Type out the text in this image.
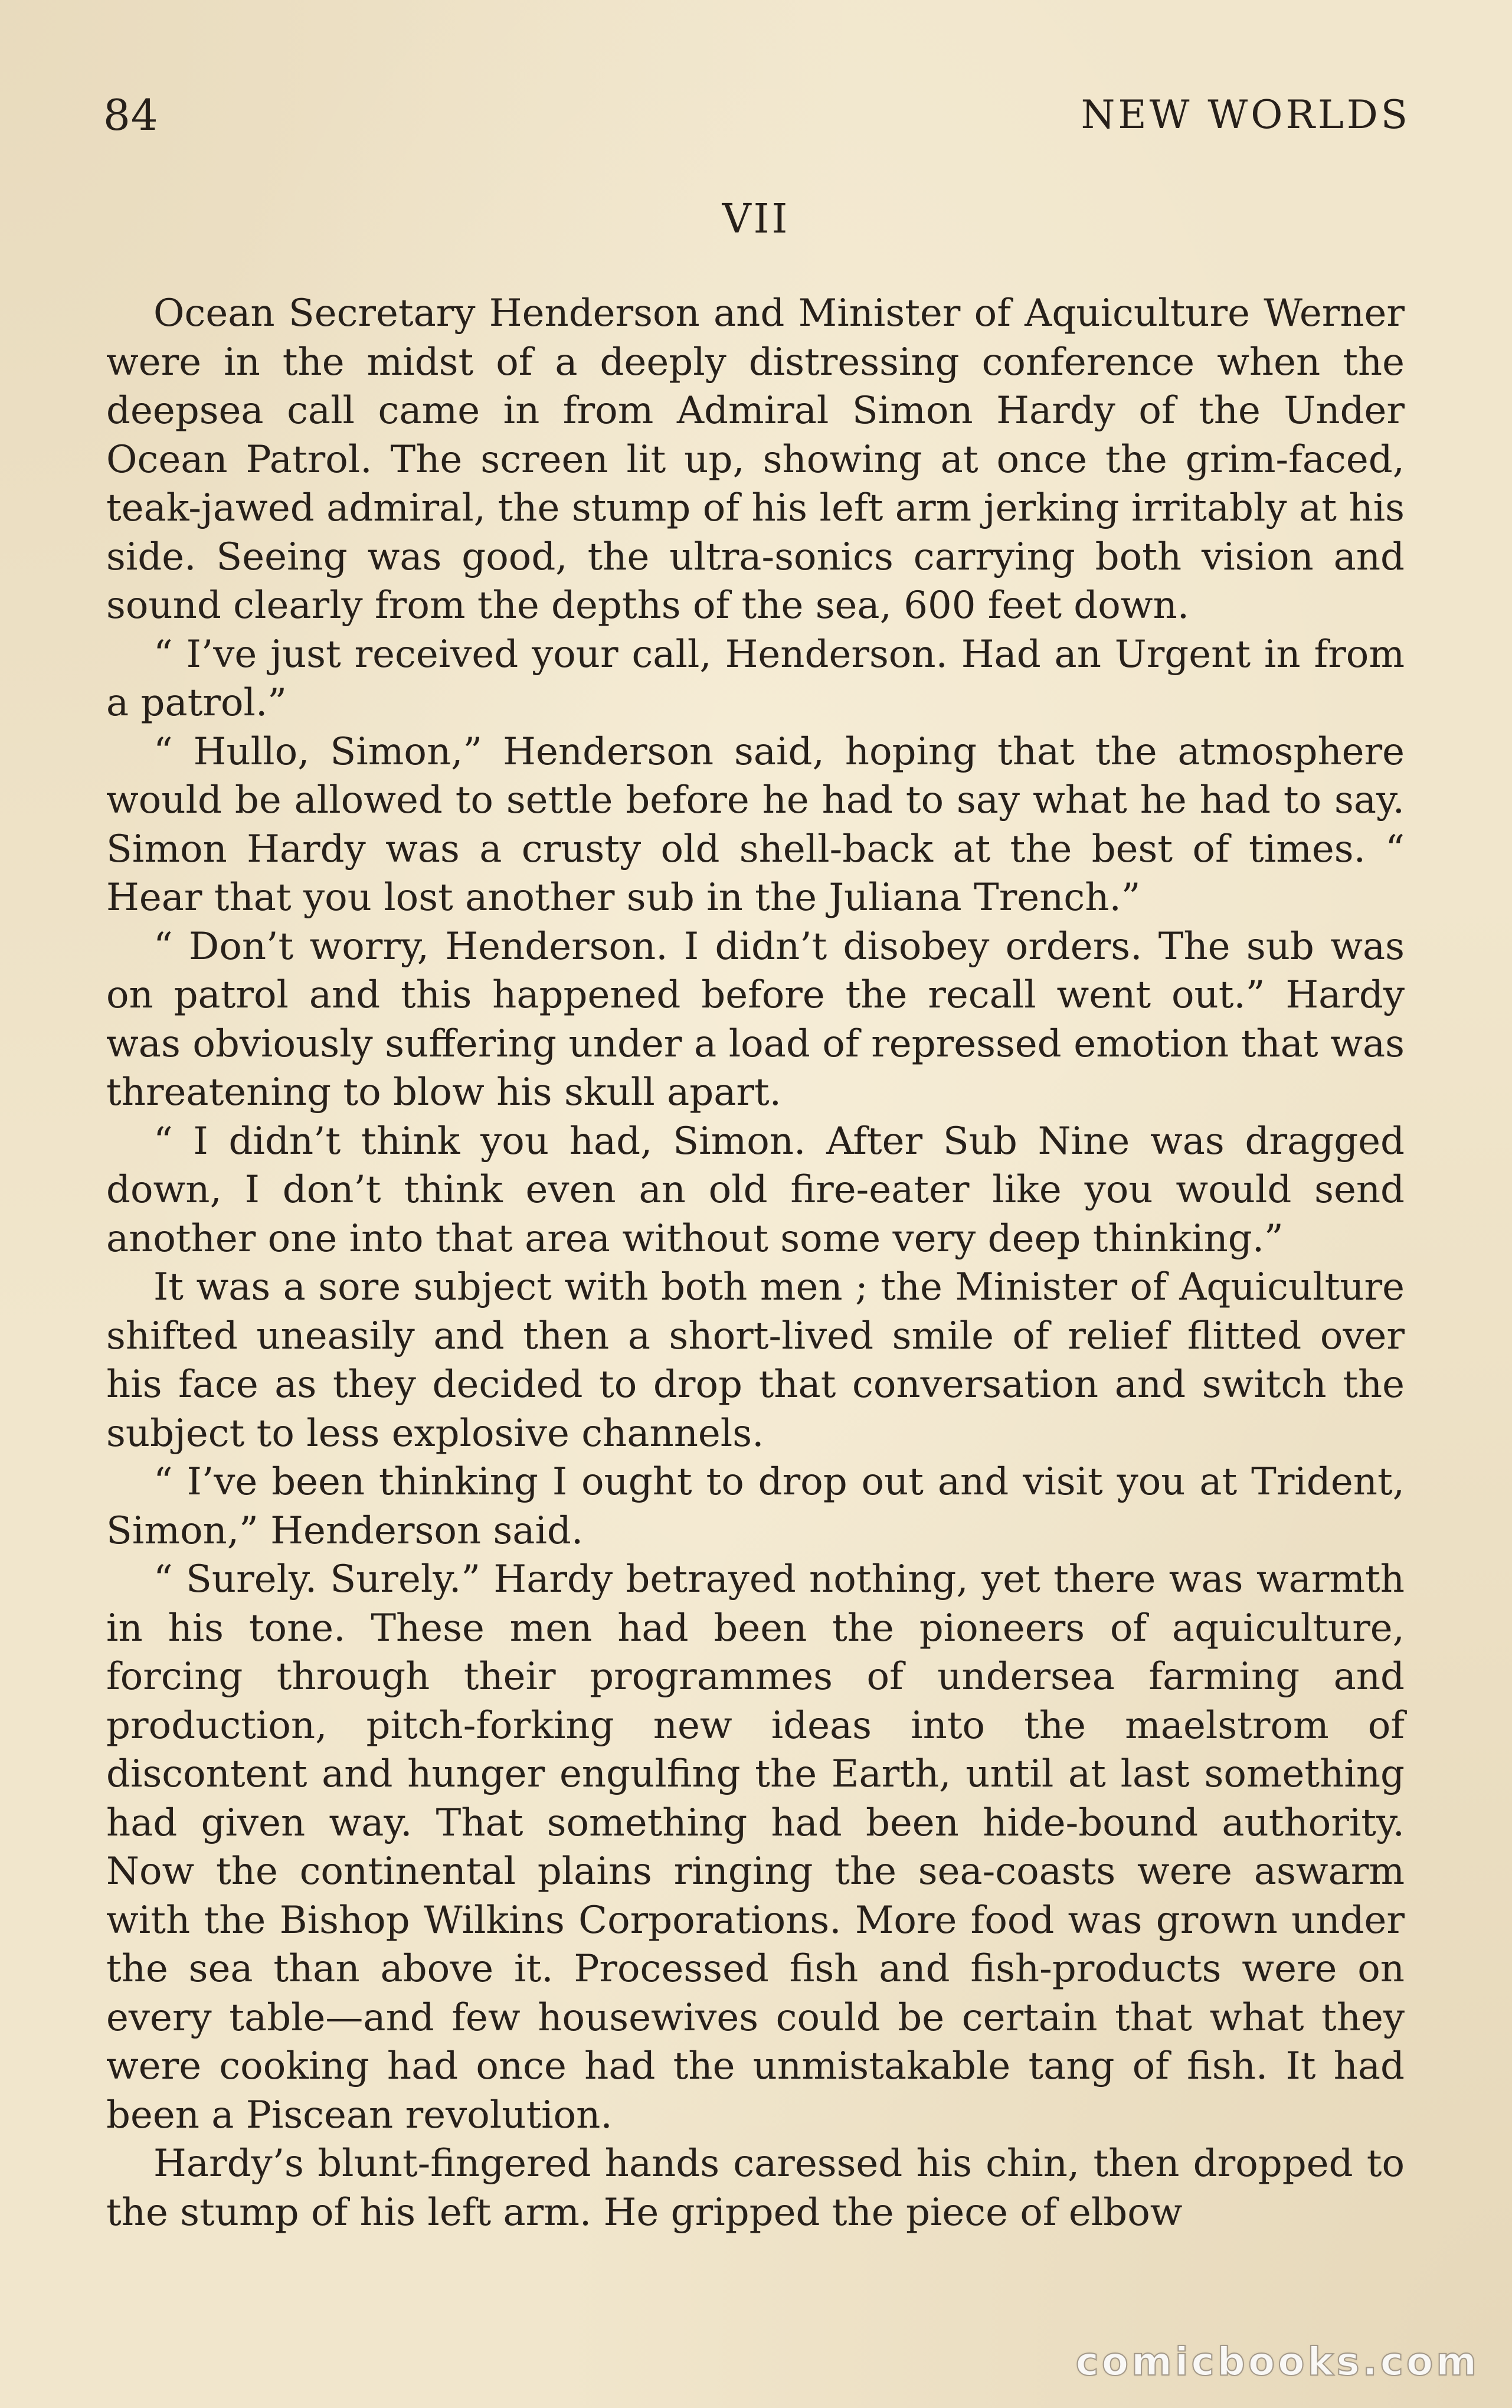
84	NEW WORLDS
VII

Ocean Secretary Henderson and Minister of Aquiculture Werner were in the midst of a deeply distressing conference when the deepsea call came in from Admiral Simon Hardy of the Under Ocean Patrol. The screen lit up, showing at once the grim-faced, teak-jawed admiral, the stump of his left arm jerking irritably at his side. Seeing was good, the ultra-sonics carrying both vision and sound clearly from the depths of the sea, 600 feet down.

“ I’ve just received your call, Henderson. Had an Urgent in from a patrol.”

“ Hullo, Simon,” Henderson said, hoping that the atmosphere would be allowed to settle before he had to say what he had to say. Simon Hardy was a crusty old shell-back at the best of times. “ Hear that you lost another sub in the Juliana Trench.”

“ Don’t worry, Henderson. I didn’t disobey orders. The sub was on patrol and this happened before the recall went out.” Hardy was obviously suffering under a load of repressed emotion that was threatening to blow his skull apart.

“ I didn’t think you had, Simon. After Sub Nine was dragged down, I don’t think even an old fire-eater like you would send another one into that area without some very deep thinking.”

It was a sore subject with both men ; the Minister of Aquiculture shifted uneasily and then a short-lived smile of relief flitted over his face as they decided to drop that conversation and switch the subject to less explosive channels.

“ I’ve been thinking I ought to drop out and visit you at Trident, Simon,” Henderson said.

“ Surely. Surely.” Hardy betrayed nothing, yet there was warmth in his tone. These men had been the pioneers of aquiculture, forcing through their programmes of undersea farming and production, pitch-forking new ideas into the maelstrom of discontent and hunger engulfing the Earth, until at last something had given way. That something had been hide-bound authority. Now the continental plains ringing the sea-coasts were aswarm with the Bishop Wilkins Corporations. More food was grown under the sea than above it. Processed fish and fish-products were on every table—and few housewives could be certain that what they were cooking had once had the unmistakable tang of fish. It had been a Piscean revolution.

Hardy’s blunt-fingered hands caressed his chin, then dropped to the stump of his left arm. He gripped the piece of elbow

comicbooks.com
